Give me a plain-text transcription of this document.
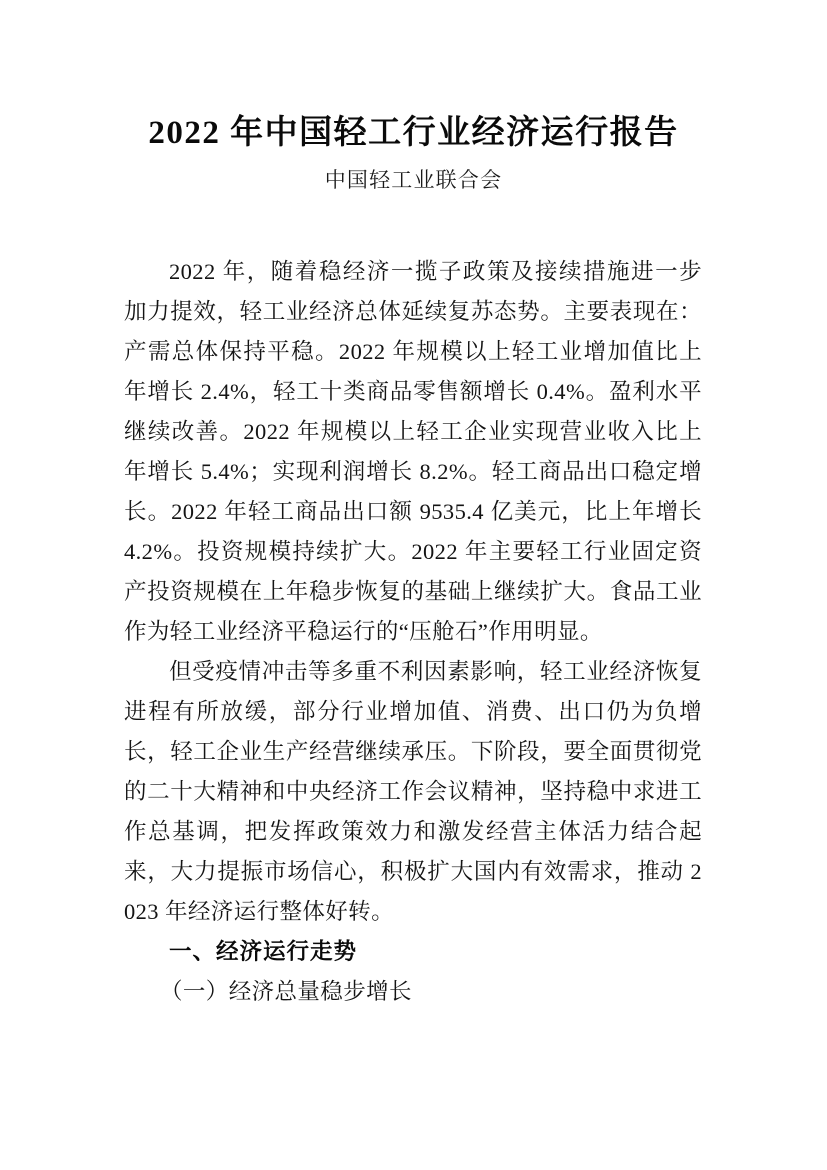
2022 年中国轻工行业经济运行报告
中国轻工业联合会

2022 年，随着稳经济一揽子政策及接续措施进一步加力提效，轻工业经济总体延续复苏态势。主要表现在：产需总体保持平稳。2022 年规模以上轻工业增加值比上年增长 2.4%，轻工十类商品零售额增长 0.4%。盈利水平继续改善。2022 年规模以上轻工企业实现营业收入比上年增长 5.4%；实现利润增长 8.2%。轻工商品出口稳定增长。2022 年轻工商品出口额 9535.4 亿美元，比上年增长 4.2%。投资规模持续扩大。2022 年主要轻工行业固定资产投资规模在上年稳步恢复的基础上继续扩大。食品工业作为轻工业经济平稳运行的“压舱石”作用明显。

但受疫情冲击等多重不利因素影响，轻工业经济恢复进程有所放缓，部分行业增加值、消费、出口仍为负增长，轻工企业生产经营继续承压。下阶段，要全面贯彻党的二十大精神和中央经济工作会议精神，坚持稳中求进工作总基调，把发挥政策效力和激发经营主体活力结合起来，大力提振市场信心，积极扩大国内有效需求，推动 2023 年经济运行整体好转。

一、经济运行走势
（一）经济总量稳步增长
